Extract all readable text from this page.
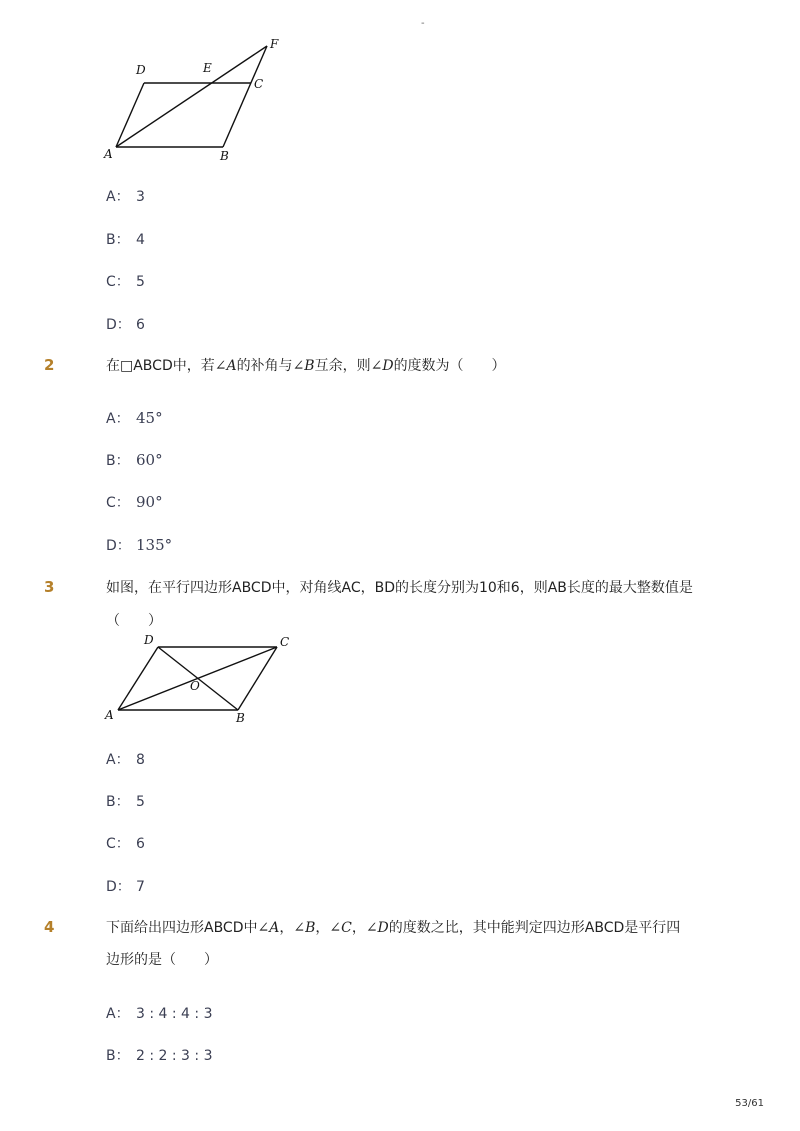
-
A	B
C
D	E
F
A： 3
B： 4
C： 5
D： 6
2	在□ABCD中，若∠A的补角与∠B互余，则∠D的度数为（　　）
A： 45°
B： 60°
C： 90°
D： 135°
3	如图，在平行四边形ABCD中，对角线AC，BD的长度分别为10和6，则AB长度的最大整数值是
（　　）
A	B
C
D
O
A： 8
B： 5
C： 6
D： 7
4	下面给出四边形ABCD中∠A，∠B，∠C，∠D的度数之比，其中能判定四边形ABCD是平行四
边形的是（　　）
A： 3 : 4 : 4 : 3
B： 2 : 2 : 3 : 3
53/61
